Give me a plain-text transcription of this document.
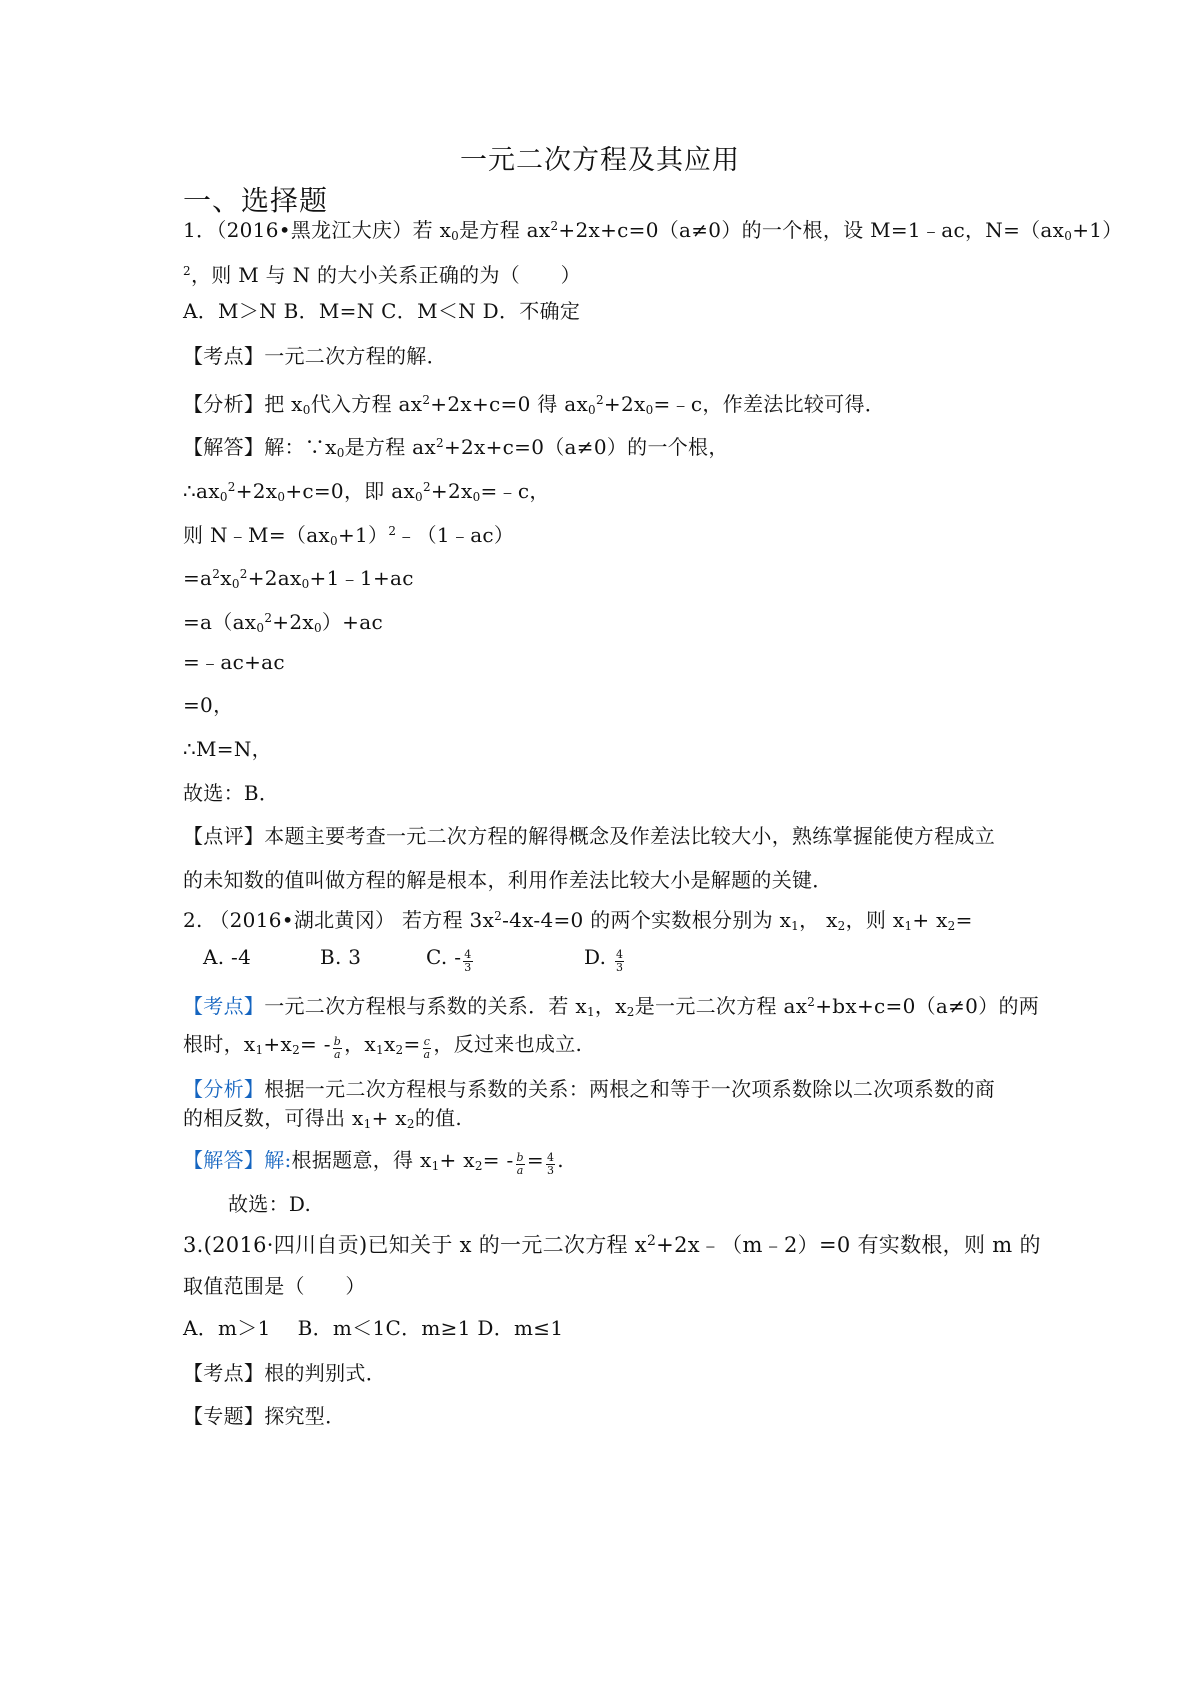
一元二次方程及其应用
一、选择题
1．（2016•黑龙江大庆）若 $x_0$是方程 $ax^2+2x+c=0(a\ne 0)$的一个根，设 M=1﹣ac，$N=(ax_0+1)$
$^2$，则 M 与 N 的大小关系正确的为（　　）
A．M＞N B．M=N C．M＜N D．不确定
【考点】一元二次方程的解．
【分析】把 $x_0$代入方程 $ax^2+2x+c=0$ 得 $ax_0^2+2x_0=﹣c$，作差法比较可得．
【解答】解：$\because x_0$是方程 $ax^2+2x+c=0(a\ne 0)$的一个根，
$\therefore ax_0^2+2x_0+c=0$，即 $ax_0^2+2x_0=﹣c$，
则 $N﹣M=(ax_0+1)^2﹣(1﹣ac)$
$=a^2x_0^2+2ax_0+1﹣1+ac$
$=a(ax_0^2+2x_0)+ac$
=﹣ac+ac
=0，
∴M=N，
故选：B．
【点评】本题主要考查一元二次方程的解得概念及作差法比较大小，熟练掌握能使方程成立
的未知数的值叫做方程的解是根本，利用作差法比较大小是解题的关键．
2. （2016•湖北黄冈） 若方程 $3x^2-4x-4=0$ 的两个实数根分别为 $x_1$， $x_2$，则 $x_1+ x_2=$
A. -4	B. 3	C. - $\frac{4}{3}$	D. $\frac{4}{3}$
【考点】一元二次方程根与系数的关系．若 $x_1$，$x_2$是一元二次方程 $ax^2+bx+c=0(a\ne 0)$的两
根时，$x_1+x_2= - \frac{b}{a}$ ，$x_1x_2= \frac{c}{a}$ ，反过来也成立.
【分析】根据一元二次方程根与系数的关系：两根之和等于一次项系数除以二次项系数的商
的相反数，可得出 $x_1+ x_2$的值.
【解答】解:根据题意，得 $x_1+ x_2= - \frac{b}{a} = \frac{4}{3}$ .
故选：D.
3.(2016·四川自贡)已知关于 x 的一元二次方程 $x^2+2x﹣(m﹣2)=0$ 有实数根，则 m 的
取值范围是（　　）
A．m＞1　 B．m＜1C．m≥1 D．m≤1
【考点】根的判别式．
【专题】探究型．
